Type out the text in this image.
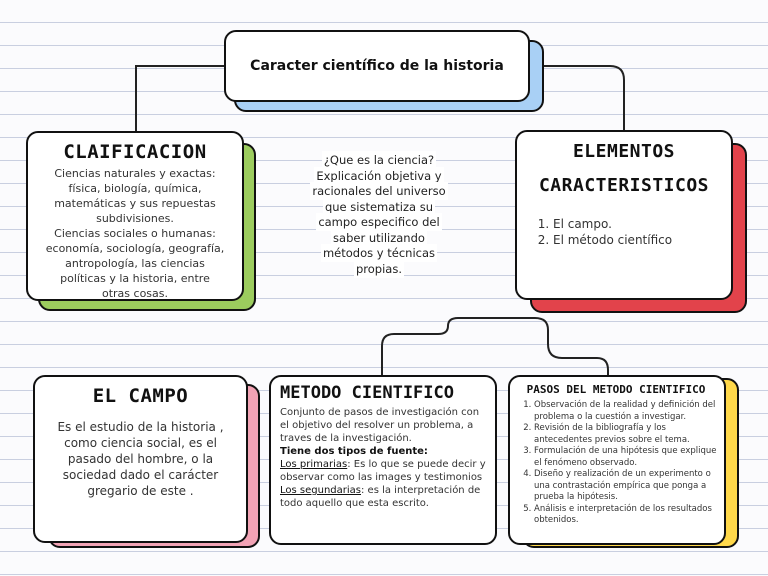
Caracter científico de la historia
CLAIFICACION
Ciencias naturales y exactas:
física, biología, química,
matemáticas y sus repuestas
subdivisiones.
Ciencias sociales o humanas:
economía, sociología, geografía,
antropología, las ciencias
políticas y la historia, entre
otras cosas.
¿Que es la ciencia?
Explicación objetiva y
racionales del universo
que sistematiza su
campo especifico del
saber utilizando
métodos y técnicas
propias.
ELEMENTOS
CARACTERISTICOS
1. El campo.
2. El método científico
EL CAMPO
Es el estudio de la historia ,
como ciencia social, es el
pasado del hombre, o la
sociedad dado el carácter
gregario de este .
METODO CIENTIFICO
Conjunto de pasos de investigación con el objetivo del resolver un problema, a traves de la investigación.
Tiene dos tipos de fuente:
Los primarias: Es lo que se puede decir y observar como las images y testimonios
Los segundarias: es la interpretación de todo aquello que esta escrito.
PASOS DEL METODO CIENTIFICO
1. Observación de la realidad y definición del problema o la cuestión a investigar.
2. Revisión de la bibliografía y los antecedentes previos sobre el tema.
3. Formulación de una hipótesis que explique el fenómeno observado.
4. Diseño y realización de un experimento o una contrastación empírica que ponga a prueba la hipótesis.
5. Análisis e interpretación de los resultados obtenidos.
